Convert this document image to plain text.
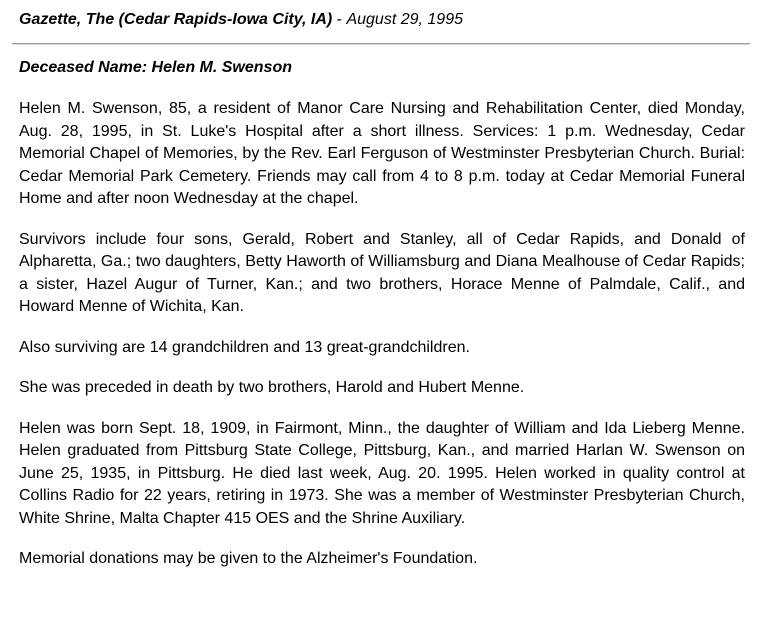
Gazette, The (Cedar Rapids-Iowa City, IA) - August 29, 1995
Deceased Name: Helen M. Swenson

Helen M. Swenson, 85, a resident of Manor Care Nursing and Rehabilitation Center, died Monday, Aug. 28, 1995, in St. Luke's Hospital after a short illness. Services: 1 p.m. Wednesday, Cedar Memorial Chapel of Memories, by the Rev. Earl Ferguson of Westminster Presbyterian Church. Burial: Cedar Memorial Park Cemetery. Friends may call from 4 to 8 p.m. today at Cedar Memorial Funeral Home and after noon Wednesday at the chapel.

Survivors include four sons, Gerald, Robert and Stanley, all of Cedar Rapids, and Donald of Alpharetta, Ga.; two daughters, Betty Haworth of Williamsburg and Diana Mealhouse of Cedar Rapids; a sister, Hazel Augur of Turner, Kan.; and two brothers, Horace Menne of Palmdale, Calif., and Howard Menne of Wichita, Kan.

Also surviving are 14 grandchildren and 13 great-grandchildren.

She was preceded in death by two brothers, Harold and Hubert Menne.

Helen was born Sept. 18, 1909, in Fairmont, Minn., the daughter of William and Ida Lieberg Menne. Helen graduated from Pittsburg State College, Pittsburg, Kan., and married Harlan W. Swenson on June 25, 1935, in Pittsburg. He died last week, Aug. 20. 1995. Helen worked in quality control at Collins Radio for 22 years, retiring in 1973. She was a member of Westminster Presbyterian Church, White Shrine, Malta Chapter 415 OES and the Shrine Auxiliary.

Memorial donations may be given to the Alzheimer's Foundation.
